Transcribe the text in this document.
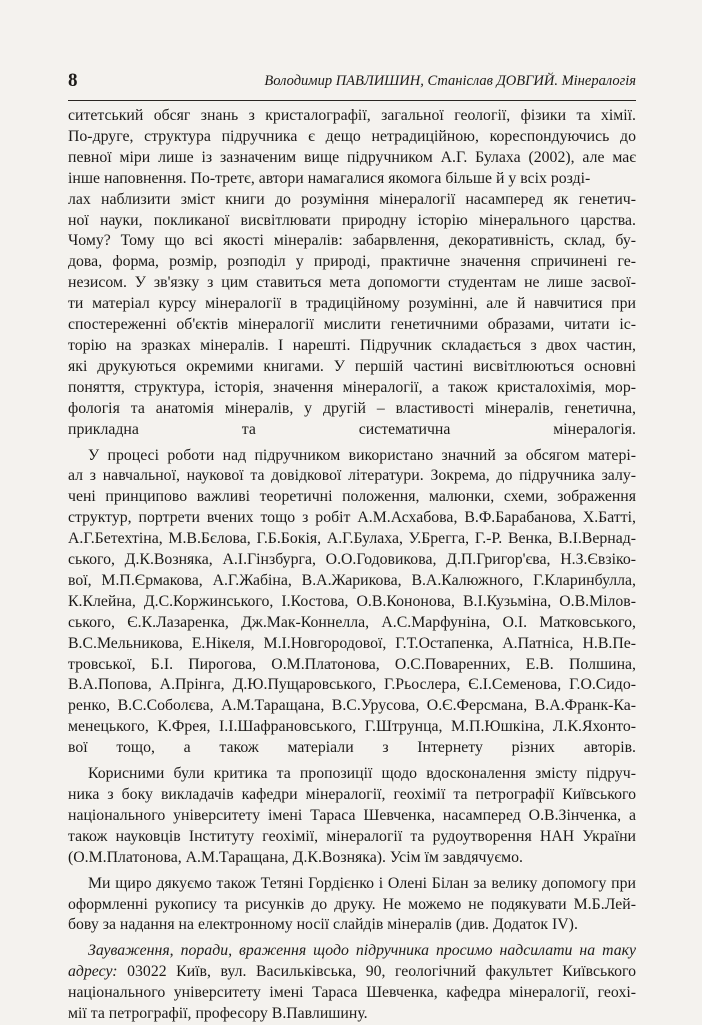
8	Володимир ПАВЛИШИН, Станіслав ДОВГИЙ. Мінералогія

ситетський обсяг знань з кристалографії, загальної геології, фізики та хімії.

По-друге, структура підручника є дещо нетрадиційною, кореспондуючись до

певної міри лише із зазначеним вище підручником А.Г. Булаха (2002), але має

інше наповнення. По-третє, автори намагалися якомога більше й у всіх розді-

лах наблизити зміст книги до розуміння мінералогії насамперед як генетич-

ної науки, покликаної висвітлювати природну історію мінерального царства.

Чому? Тому що всі якості мінералів: забарвлення, декоративність, склад, бу-

дова, форма, розмір, розподіл у природі, практичне значення спричинені ге-

незисом. У зв'язку з цим ставиться мета допомогти студентам не лише засвої-

ти матеріал курсу мінералогії в традиційному розумінні, але й навчитися при

спостереженні об'єктів мінералогії мислити генетичними образами, читати іс-

торію на зразках мінералів. І нарешті. Підручник складається з двох частин,

які друкуються окремими книгами. У першій частині висвітлюються основні

поняття, структура, історія, значення мінералогії, а також кристалохімія, мор-

фологія та анатомія мінералів, у другій – властивості мінералів, генетична,

прикладна та систематична мінералогія.

У процесі роботи над підручником використано значний за обсягом матері-

ал з навчальної, наукової та довідкової літератури. Зокрема, до підручника залу-

чені принципово важливі теоретичні положення, малюнки, схеми, зображення

структур, портрети вчених тощо з робіт А.М.Асхабова, В.Ф.Барабанова, Х.Батті,

А.Г.Бетехтіна, М.В.Бєлова, Г.Б.Бокія, А.Г.Булаха, У.Брегга, Г.-Р. Венка, В.І.Вернад-

ського, Д.К.Возняка, А.І.Гінзбурга, О.О.Годовикова, Д.П.Григор'єва, Н.З.Євзіко-

вої, М.П.Єрмакова, А.Г.Жабіна, В.А.Жарикова, В.А.Калюжного, Г.Кларинбулла,

К.Клейна, Д.С.Коржинського, І.Костова, О.В.Кононова, В.І.Кузьміна, О.В.Мілов-

ського, Є.К.Лазаренка, Дж.Мак-Коннелла, А.С.Марфуніна, О.І. Матковського,

В.С.Мельникова, Е.Нікеля, М.І.Новгородової, Г.Т.Остапенка, А.Патніса, Н.В.Пе-

тровської, Б.І. Пирогова, О.М.Платонова, О.С.Поваренних, Е.В. Полшина,

В.А.Попова, А.Прінга, Д.Ю.Пущаровського, Г.Рьослера, Є.І.Семенова, Г.О.Сидо-

ренко, В.С.Соболєва, А.М.Таращана, В.С.Урусова, О.Є.Ферсмана, В.А.Франк-Ка-

менецького, К.Фрея, І.І.Шафрановського, Г.Штрунца, М.П.Юшкіна, Л.К.Яхонто-

вої тощо, а також матеріали з Інтернету різних авторів.

Корисними були критика та пропозиції щодо вдосконалення змісту підруч-

ника з боку викладачів кафедри мінералогії, геохімії та петрографії Київського

національного університету імені Тараса Шевченка, насамперед О.В.Зінченка, а

також науковців Інституту геохімії, мінералогії та рудоутворення НАН України

(О.М.Платонова, А.М.Таращана, Д.К.Возняка). Усім їм завдячуємо.

Ми щиро дякуємо також Тетяні Гордієнко і Олені Білан за велику допомогу при

оформленні рукопису та рисунків до друку. Не можемо не подякувати М.Б.Лей-

бову за надання на електронному носії слайдів мінералів (див. Додаток IV).

Зауваження, поради, враження щодо підручника просимо надсилати на таку

адресу: 03022 Київ, вул. Васильківська, 90, геологічний факультет Київського

національного університету імені Тараса Шевченка, кафедра мінералогії, геохі-

мії та петрографії, професору В.Павлишину.
